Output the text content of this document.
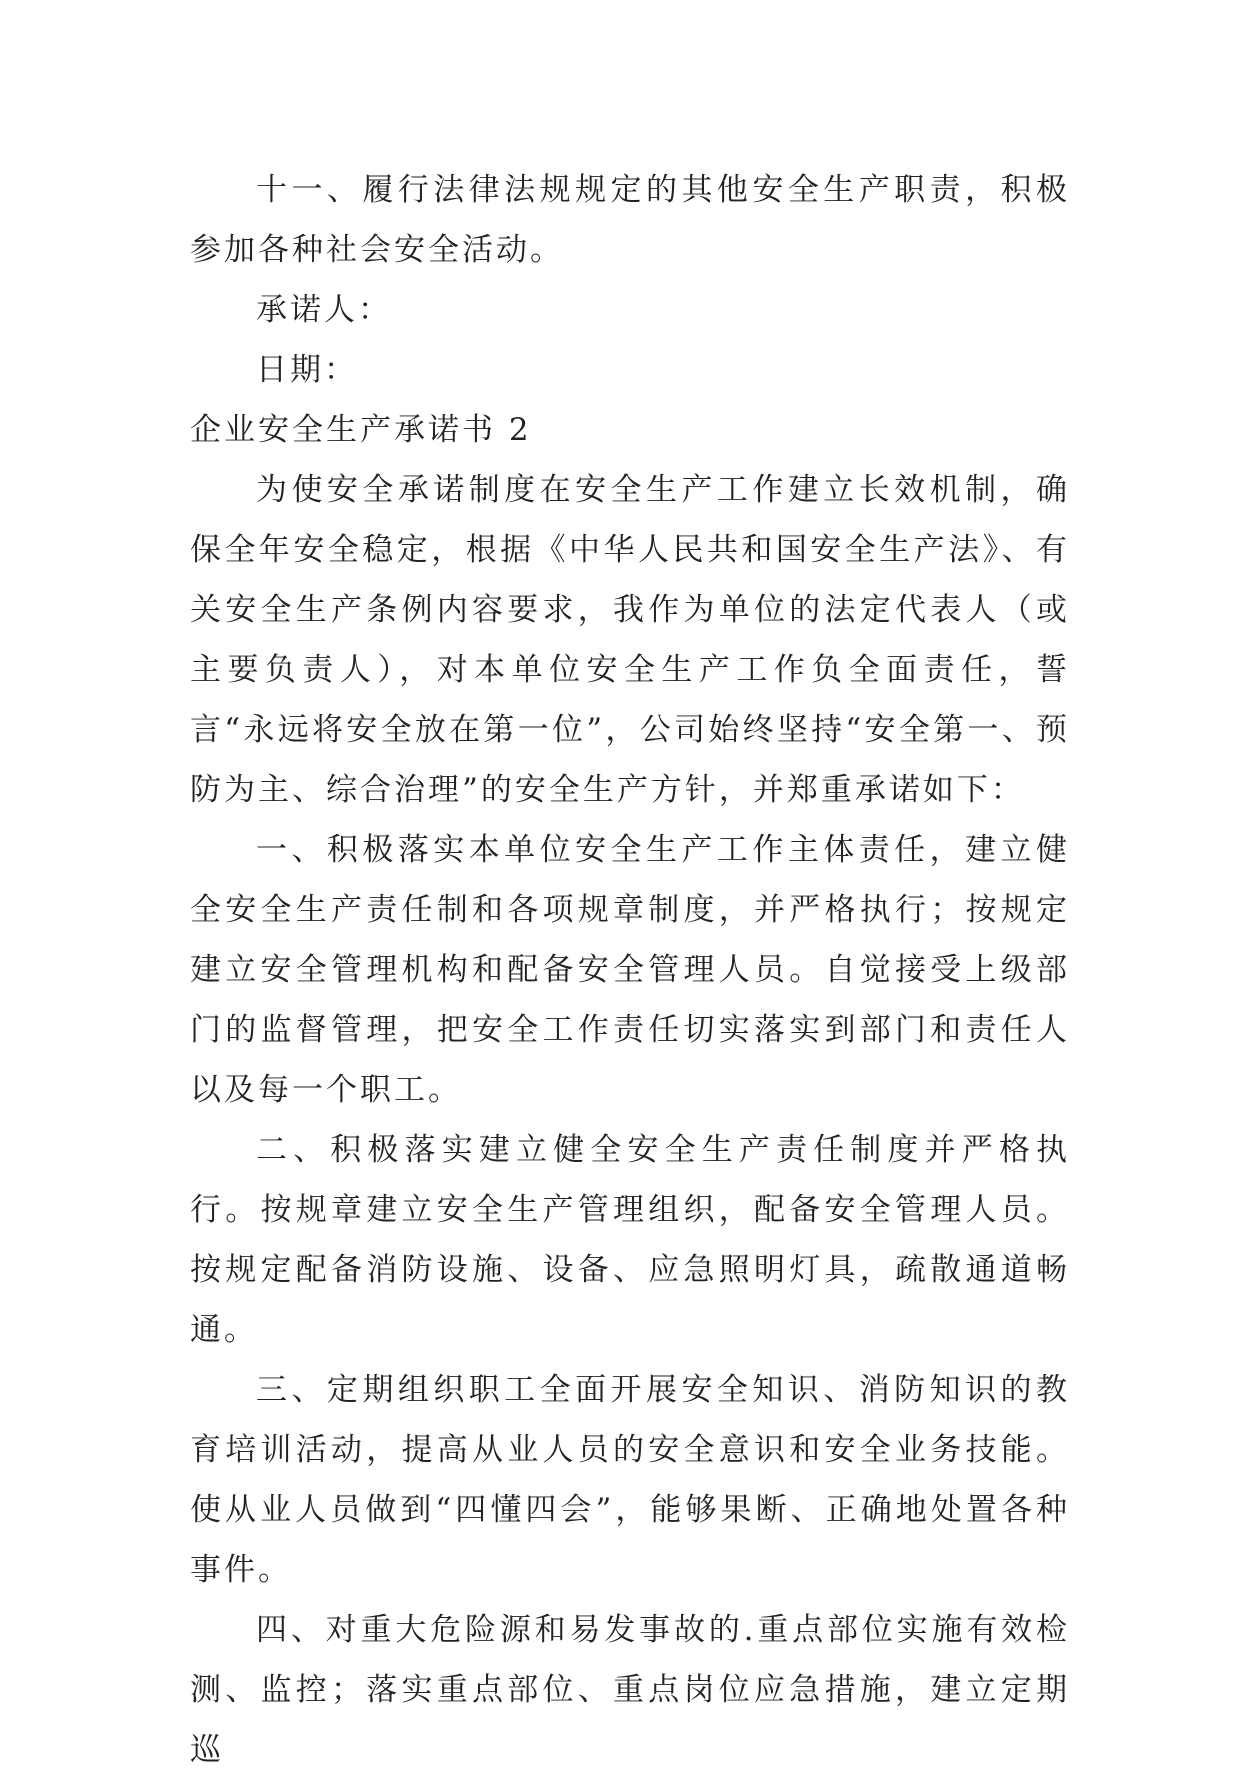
十一、履行法律法规规定的其他安全生产职责，积极参加各种社会安全活动。

承诺人：

日期：

企业安全生产承诺书 2

为使安全承诺制度在安全生产工作建立长效机制，确保全年安全稳定，根据《中华人民共和国安全生产法》、有关安全生产条例内容要求，我作为单位的法定代表人（或主要负责人），对本单位安全生产工作负全面责任，誓言“永远将安全放在第一位”，公司始终坚持“安全第一、预防为主、综合治理”的安全生产方针，并郑重承诺如下：

一、积极落实本单位安全生产工作主体责任，建立健全安全生产责任制和各项规章制度，并严格执行；按规定建立安全管理机构和配备安全管理人员。自觉接受上级部门的监督管理，把安全工作责任切实落实到部门和责任人以及每一个职工。

二、积极落实建立健全安全生产责任制度并严格执行。按规章建立安全生产管理组织，配备安全管理人员。按规定配备消防设施、设备、应急照明灯具，疏散通道畅通。

三、定期组织职工全面开展安全知识、消防知识的教育培训活动，提高从业人员的安全意识和安全业务技能。使从业人员做到“四懂四会”，能够果断、正确地处置各种事件。

四、对重大危险源和易发事故的.重点部位实施有效检测、监控；落实重点部位、重点岗位应急措施，建立定期巡
